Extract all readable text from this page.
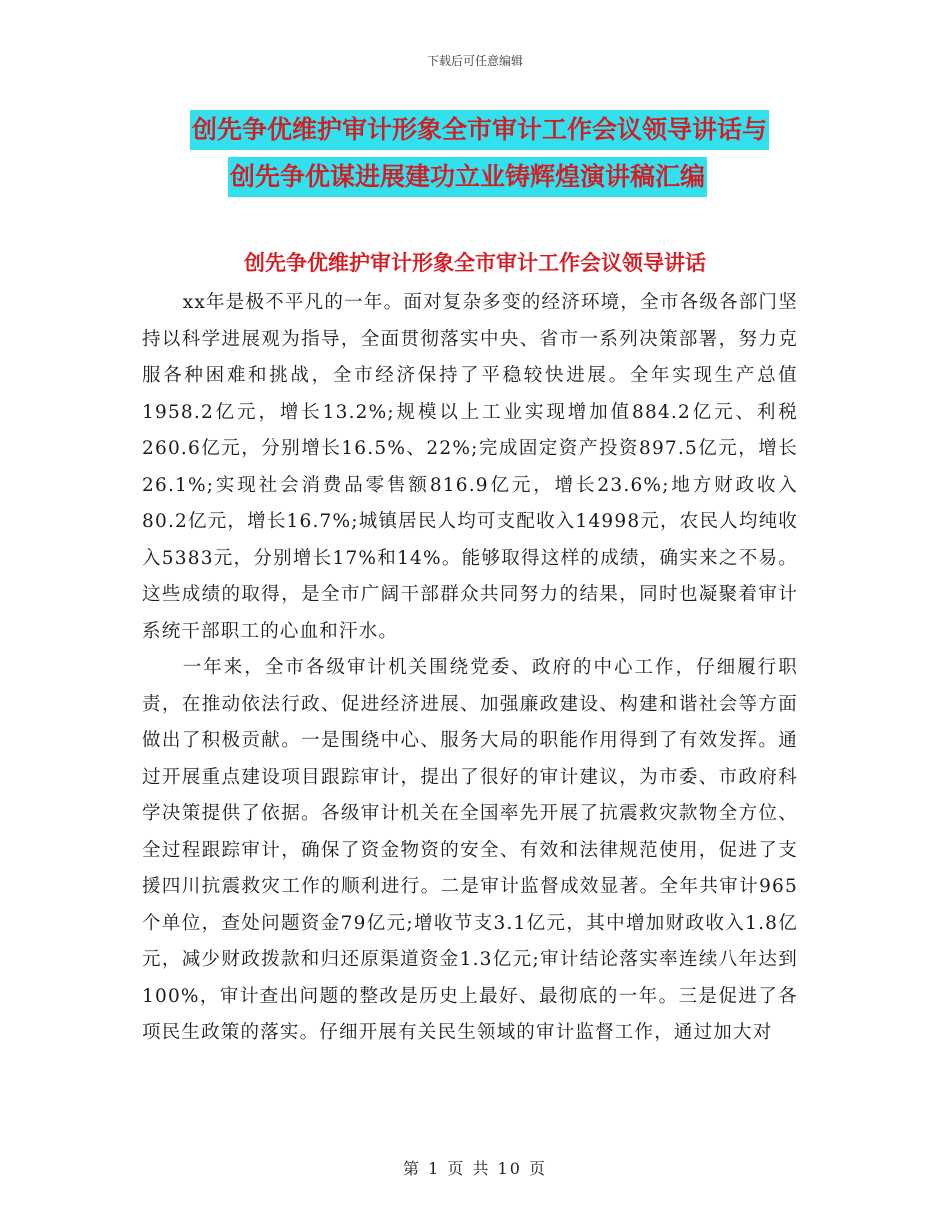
下载后可任意编辑
创先争优维护审计形象全市审计工作会议领导讲话与
创先争优谋进展建功立业铸辉煌演讲稿汇编
创先争优维护审计形象全市审计工作会议领导讲话

xx年是极不平凡的一年。面对复杂多变的经济环境，全市各级各部门坚持以科学进展观为指导，全面贯彻落实中央、省市一系列决策部署，努力克服各种困难和挑战，全市经济保持了平稳较快进展。全年实现生产总值1958.2亿元，增长13.2%;规模以上工业实现增加值884.2亿元、利税260.6亿元，分别增长16.5%、22%;完成固定资产投资897.5亿元，增长26.1%;实现社会消费品零售额816.9亿元，增长23.6%;地方财政收入80.2亿元，增长16.7%;城镇居民人均可支配收入14998元，农民人均纯收入5383元，分别增长17%和14%。能够取得这样的成绩，确实来之不易。这些成绩的取得，是全市广阔干部群众共同努力的结果，同时也凝聚着审计系统干部职工的心血和汗水。

一年来，全市各级审计机关围绕党委、政府的中心工作，仔细履行职责，在推动依法行政、促进经济进展、加强廉政建设、构建和谐社会等方面做出了积极贡献。一是围绕中心、服务大局的职能作用得到了有效发挥。通过开展重点建设项目跟踪审计，提出了很好的审计建议，为市委、市政府科学决策提供了依据。各级审计机关在全国率先开展了抗震救灾款物全方位、全过程跟踪审计，确保了资金物资的安全、有效和法律规范使用，促进了支援四川抗震救灾工作的顺利进行。二是审计监督成效显著。全年共审计965个单位，查处问题资金79亿元;增收节支3.1亿元，其中增加财政收入1.8亿元，减少财政拨款和归还原渠道资金1.3亿元;审计结论落实率连续八年达到100%，审计查出问题的整改是历史上最好、最彻底的一年。三是促进了各项民生政策的落实。仔细开展有关民生领域的审计监督工作，通过加大对

第 1 页 共 10 页
